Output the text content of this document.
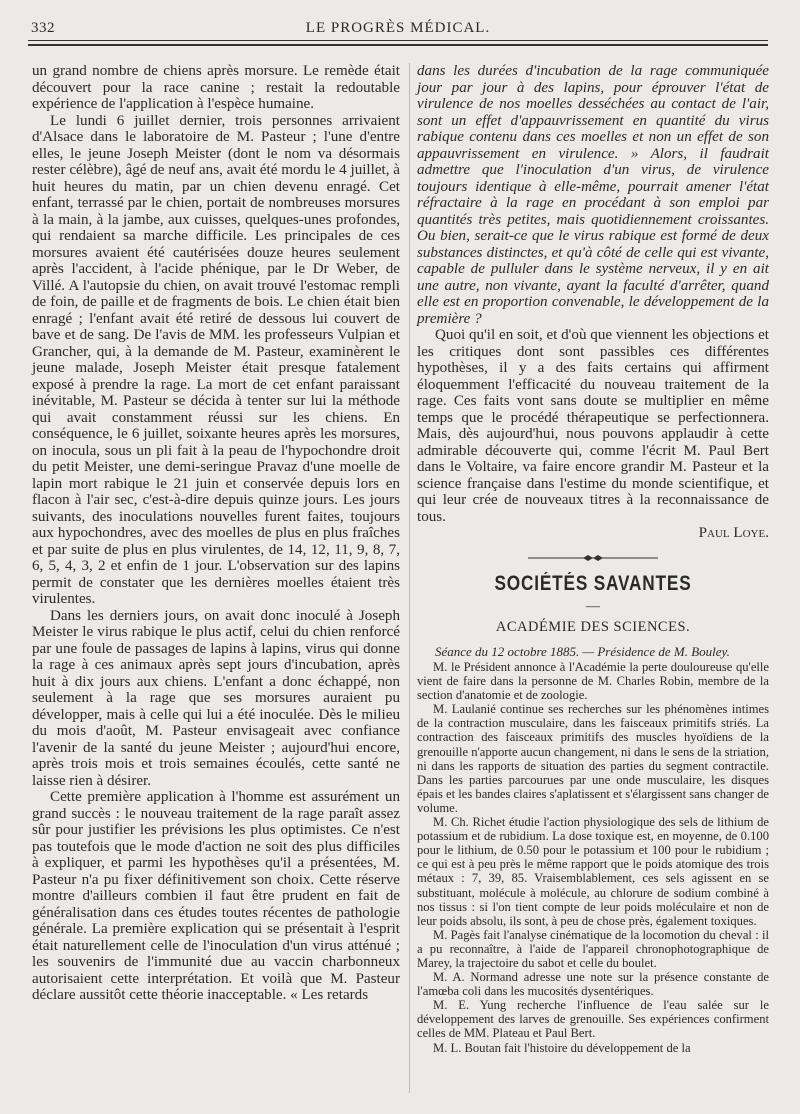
332	LE PROGRÈS MÉDICAL.

un grand nombre de chiens après morsure. Le remède était découvert pour la race canine ; restait la redoutable expérience de l'application à l'espèce humaine.

Le lundi 6 juillet dernier, trois personnes arrivaient d'Alsace dans le laboratoire de M. Pasteur ; l'une d'entre elles, le jeune Joseph Meister (dont le nom va désormais rester célèbre), âgé de neuf ans, avait été mordu le 4 juillet, à huit heures du matin, par un chien devenu enragé. Cet enfant, terrassé par le chien, portait de nombreuses morsures à la main, à la jambe, aux cuisses, quelques-unes profondes, qui rendaient sa marche difficile. Les principales de ces morsures avaient été cautérisées douze heures seulement après l'accident, à l'acide phénique, par le Dr Weber, de Villé. A l'autopsie du chien, on avait trouvé l'estomac rempli de foin, de paille et de fragments de bois. Le chien était bien enragé ; l'enfant avait été retiré de dessous lui couvert de bave et de sang. De l'avis de MM. les professeurs Vulpian et Grancher, qui, à la demande de M. Pasteur, examinèrent le jeune malade, Joseph Meister était presque fatalement exposé à prendre la rage. La mort de cet enfant paraissant inévitable, M. Pasteur se décida à tenter sur lui la méthode qui avait constamment réussi sur les chiens. En conséquence, le 6 juillet, soixante heures après les morsures, on inocula, sous un pli fait à la peau de l'hypochondre droit du petit Meister, une demi-seringue Pravaz d'une moelle de lapin mort rabique le 21 juin et conservée depuis lors en flacon à l'air sec, c'est-à-dire depuis quinze jours. Les jours suivants, des inoculations nouvelles furent faites, toujours aux hypochondres, avec des moelles de plus en plus fraîches et par suite de plus en plus virulentes, de 14, 12, 11, 9, 8, 7, 6, 5, 4, 3, 2 et enfin de 1 jour. L'observation sur des lapins permit de constater que les dernières moelles étaient très virulentes.

Dans les derniers jours, on avait donc inoculé à Joseph Meister le virus rabique le plus actif, celui du chien renforcé par une foule de passages de lapins à lapins, virus qui donne la rage à ces animaux après sept jours d'incubation, après huit à dix jours aux chiens. L'enfant a donc échappé, non seulement à la rage que ses morsures auraient pu développer, mais à celle qui lui a été inoculée. Dès le milieu du mois d'août, M. Pasteur envisageait avec confiance l'avenir de la santé du jeune Meister ; aujourd'hui encore, après trois mois et trois semaines écoulés, cette santé ne laisse rien à désirer.

Cette première application à l'homme est assurément un grand succès : le nouveau traitement de la rage paraît assez sûr pour justifier les prévisions les plus optimistes. Ce n'est pas toutefois que le mode d'action ne soit des plus difficiles à expliquer, et parmi les hypothèses qu'il a présentées, M. Pasteur n'a pu fixer définitivement son choix. Cette réserve montre d'ailleurs combien il faut être prudent en fait de généralisation dans ces études toutes récentes de pathologie générale. La première explication qui se présentait à l'esprit était naturellement celle de l'inoculation d'un virus atténué ; les souvenirs de l'immunité due au vaccin charbonneux autorisaient cette interprétation. Et voilà que M. Pasteur déclare aussitôt cette théorie inacceptable. « Les retards

dans les durées d'incubation de la rage communiquée jour par jour à des lapins, pour éprouver l'état de virulence de nos moelles desséchées au contact de l'air, sont un effet d'appauvrissement en quantité du virus rabique contenu dans ces moelles et non un effet de son appauvrissement en virulence. » Alors, il faudrait admettre que l'inoculation d'un virus, de virulence toujours identique à elle-même, pourrait amener l'état réfractaire à la rage en procédant à son emploi par quantités très petites, mais quotidiennement croissantes. Ou bien, serait-ce que le virus rabique est formé de deux substances distinctes, et qu'à côté de celle qui est vivante, capable de pulluler dans le système nerveux, il y en ait une autre, non vivante, ayant la faculté d'arrêter, quand elle est en proportion convenable, le développement de la première ?

Quoi qu'il en soit, et d'où que viennent les objections et les critiques dont sont passibles ces différentes hypothèses, il y a des faits certains qui affirment éloquemment l'efficacité du nouveau traitement de la rage. Ces faits vont sans doute se multiplier en même temps que le procédé thérapeutique se perfectionnera. Mais, dès aujourd'hui, nous pouvons applaudir à cette admirable découverte qui, comme l'écrit M. Paul Bert dans le Voltaire, va faire encore grandir M. Pasteur et la science française dans l'estime du monde scientifique, et qui leur crée de nouveaux titres à la reconnaissance de tous.

Paul Loye.

SOCIÉTÉS SAVANTES
—
ACADÉMIE DES SCIENCES.

Séance du 12 octobre 1885. — Présidence de M. Bouley.

M. le Président annonce à l'Académie la perte douloureuse qu'elle vient de faire dans la personne de M. Charles Robin, membre de la section d'anatomie et de zoologie.

M. Laulanié continue ses recherches sur les phénomènes intimes de la contraction musculaire, dans les faisceaux primitifs striés. La contraction des faisceaux primitifs des muscles hyoïdiens de la grenouille n'apporte aucun changement, ni dans le sens de la striation, ni dans les rapports de situation des parties du segment contractile. Dans les parties parcourues par une onde musculaire, les disques épais et les bandes claires s'aplatissent et s'élargissent sans changer de volume.

M. Ch. Richet étudie l'action physiologique des sels de lithium de potassium et de rubidium. La dose toxique est, en moyenne, de 0.100 pour le lithium, de 0.50 pour le potassium et 100 pour le rubidium ; ce qui est à peu près le même rapport que le poids atomique des trois métaux : 7, 39, 85. Vraisemblablement, ces sels agissent en se substituant, molécule à molécule, au chlorure de sodium combiné à nos tissus : si l'on tient compte de leur poids moléculaire et non de leur poids absolu, ils sont, à peu de chose près, également toxiques.

M. Pagès fait l'analyse cinématique de la locomotion du cheval : il a pu reconnaître, à l'aide de l'appareil chronophotographique de Marey, la trajectoire du sabot et celle du boulet.

M. A. Normand adresse une note sur la présence constante de l'amœba coli dans les mucosités dysentériques.

M. E. Yung recherche l'influence de l'eau salée sur le développement des larves de grenouille. Ses expériences confirment celles de MM. Plateau et Paul Bert.

M. L. Boutan fait l'histoire du développement de la
